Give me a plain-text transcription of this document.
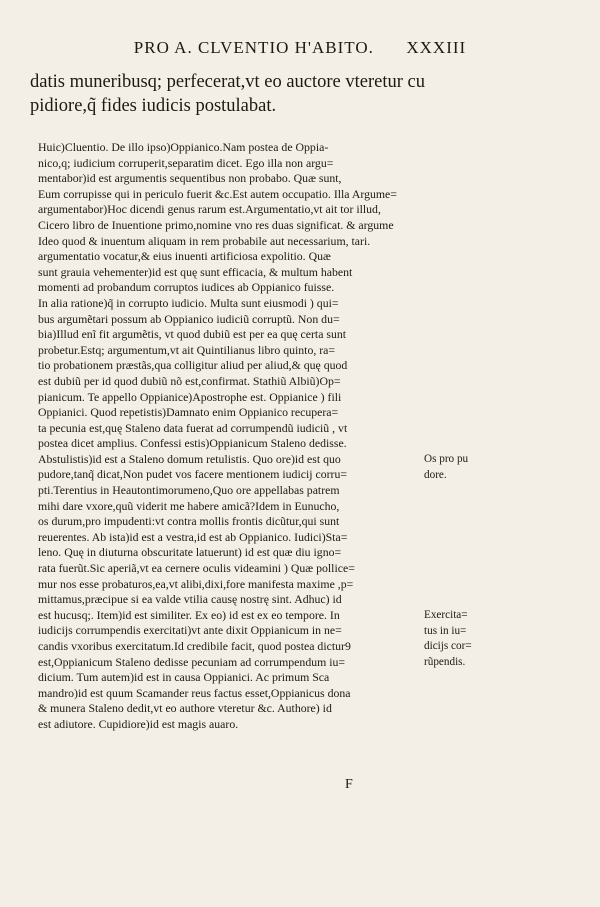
PRO A. CLVENTIO H'ABITO. XXXIII
datis muneribusq; perfecerat,vt eo auctore vteretur cu
pidiore,q̃ fides iudicis postulabat.
Huic)Cluentio. De illo ipso)Oppianico.Nam postea de Oppia-
nico,q; iudicium corruperit,separatim dicet. Ego illa non argu=
mentabor)id est argumentis sequentibus non probabo. Quæ sunt,
Eum corrupisse qui in periculo fuerit &c.Est autem occupatio. Illa Argume=
argumentabor)Hoc dicendi genus rarum est.Argumentatio,vt ait tor illud,
Cicero libro de Inuentione primo,nomine vno res duas significat. & argume
Ideo quod & inuentum aliquam in rem probabile aut necessarium, tari.
argumentatio vocatur,& eius inuenti artificiosa expolitio. Quæ
sunt grauia vehementer)id est quę sunt efficacia, & multum habent
momenti ad probandum corruptos iudices ab Oppianico fuisse.
In alia ratione)q̃ in corrupto iudicio. Multa sunt eiusmodi ) qui=
bus argumẽtari possum ab Oppianico iudiciũ corruptũ. Non du=
bia)Illud enĩ fit argumẽtis, vt quod dubiũ est per ea quę certa sunt
probetur.Estq; argumentum,vt ait Quintilianus libro quinto, ra=
tio probationem præstãs,qua colligitur aliud per aliud,& quę quod
est dubiũ per id quod dubiũ nõ est,confirmat. Stathiũ Albiũ)Op=
pianicum. Te appello Oppianice)Apostrophe est. Oppianice ) fili
Oppianici. Quod repetistis)Damnato enim Oppianico recupera=
ta pecunia est,quę Staleno data fuerat ad corrumpendũ iudiciũ , vt
postea dicet amplius. Confessi estis)Oppianicum Staleno dedisse.
Abstulistis)id est a Staleno domum retulistis. Quo ore)id est quo
pudore,tanq̃ dicat,Non pudet vos facere mentionem iudicij corru=
pti.Terentius in Heautontimorumeno,Quo ore appellabas patrem
mihi dare vxore,quũ viderit me habere amicã?Idem in Eunucho,
os durum,pro impudenti:vt contra mollis frontis dicũtur,qui sunt
reuerentes. Ab ista)id est a vestra,id est ab Oppianico. Iudici)Sta=
leno. Quę in diuturna obscuritate latuerunt) id est quæ diu igno=
rata fuerũt.Sic aperiã,vt ea cernere oculis videamini ) Quæ pollice=
mur nos esse probaturos,ea,vt alibi,dixi,fore manifesta maxime ,p=
mittamus,præcipue si ea valde vtilia causę nostrę sint. Adhuc) id
est hucusq;. Item)id est similiter. Ex eo) id est ex eo tempore. In
iudicijs corrumpendis exercitati)vt ante dixit Oppianicum in ne=
candis vxoribus exercitatum.Id credibile facit, quod postea dictur9
est,Oppianicum Staleno dedisse pecuniam ad corrumpendum iu=
dicium. Tum autem)id est in causa Oppianici. Ac primum Sca
mandro)id est quum Scamander reus factus esset,Oppianicus dona
& munera Staleno dedit,vt eo authore vteretur &c. Authore) id
est adiutore. Cupidiore)id est magis auaro.
Os pro pu
dore.
Exercita=
tus in iu=
dicijs cor=
rũpendis.
F
